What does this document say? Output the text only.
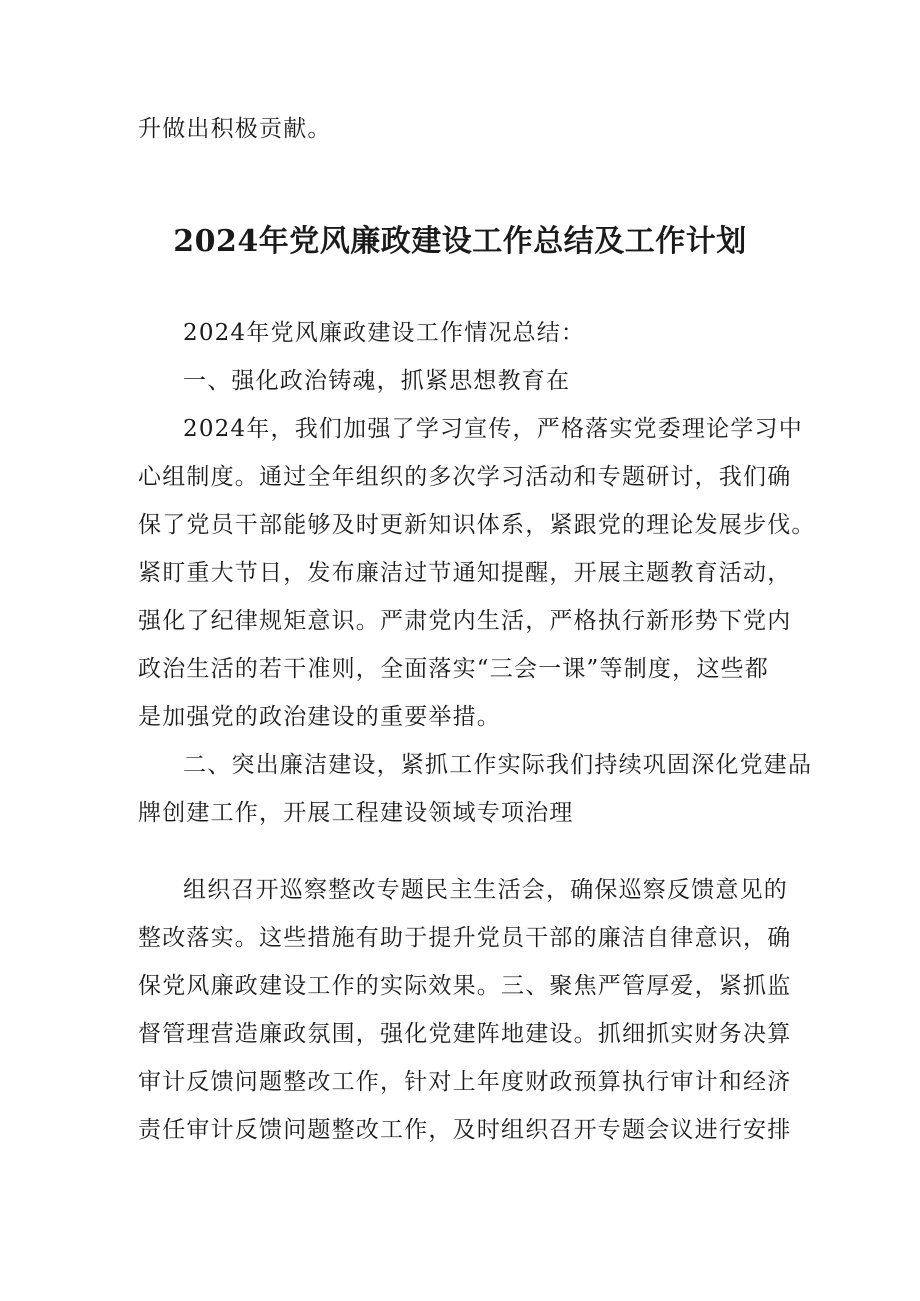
升做出积极贡献。
2024年党风廉政建设工作总结及工作计划
2024年党风廉政建设工作情况总结：
一、强化政治铸魂，抓紧思想教育在
2024年，我们加强了学习宣传，严格落实党委理论学习中
心组制度。通过全年组织的多次学习活动和专题研讨，我们确
保了党员干部能够及时更新知识体系，紧跟党的理论发展步伐。
紧盯重大节日，发布廉洁过节通知提醒，开展主题教育活动，
强化了纪律规矩意识。严肃党内生活，严格执行新形势下党内
政治生活的若干准则，全面落实“三会一课”等制度，这些都
是加强党的政治建设的重要举措。
二、突出廉洁建设，紧抓工作实际我们持续巩固深化党建品
牌创建工作，开展工程建设领域专项治理
组织召开巡察整改专题民主生活会，确保巡察反馈意见的
整改落实。这些措施有助于提升党员干部的廉洁自律意识，确
保党风廉政建设工作的实际效果。三、聚焦严管厚爱，紧抓监
督管理营造廉政氛围，强化党建阵地建设。抓细抓实财务决算
审计反馈问题整改工作，针对上年度财政预算执行审计和经济
责任审计反馈问题整改工作，及时组织召开专题会议进行安排
